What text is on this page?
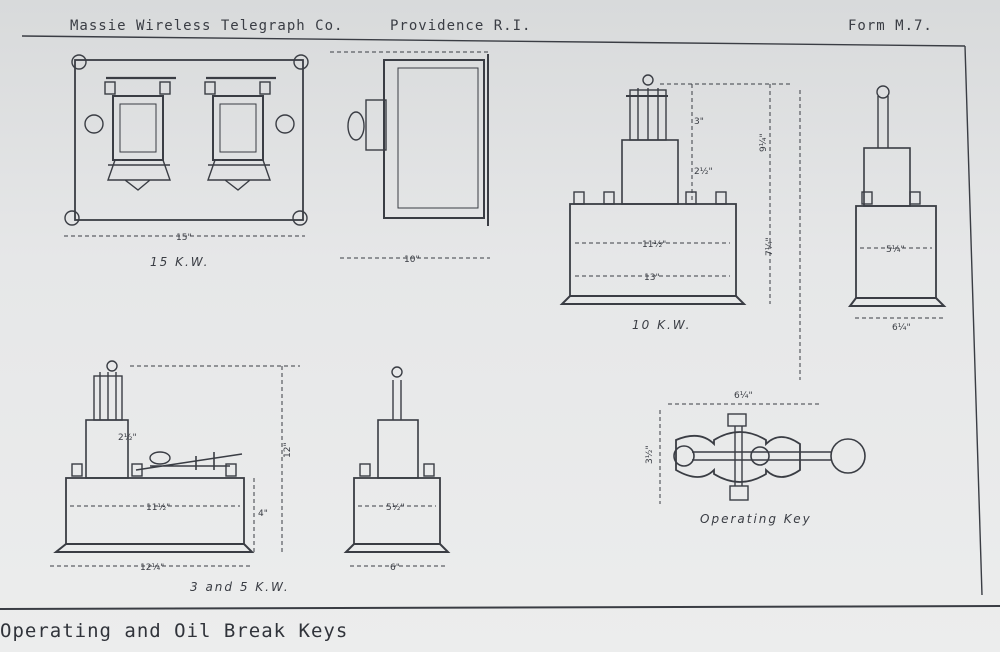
Massie Wireless Telegraph Co.	Providence R.I.	Form M.7.
15"
10"
11½"
13"
5¼"
6¼"
9¼"
7¼"
3"
2½"
11½"
12¼"
2½"
12"
4"
5½"
6"
6¼"
3½"
15 K.W.
10 K.W.
3 and 5 K.W.
Operating Key
Operating and Oil Break Keys
